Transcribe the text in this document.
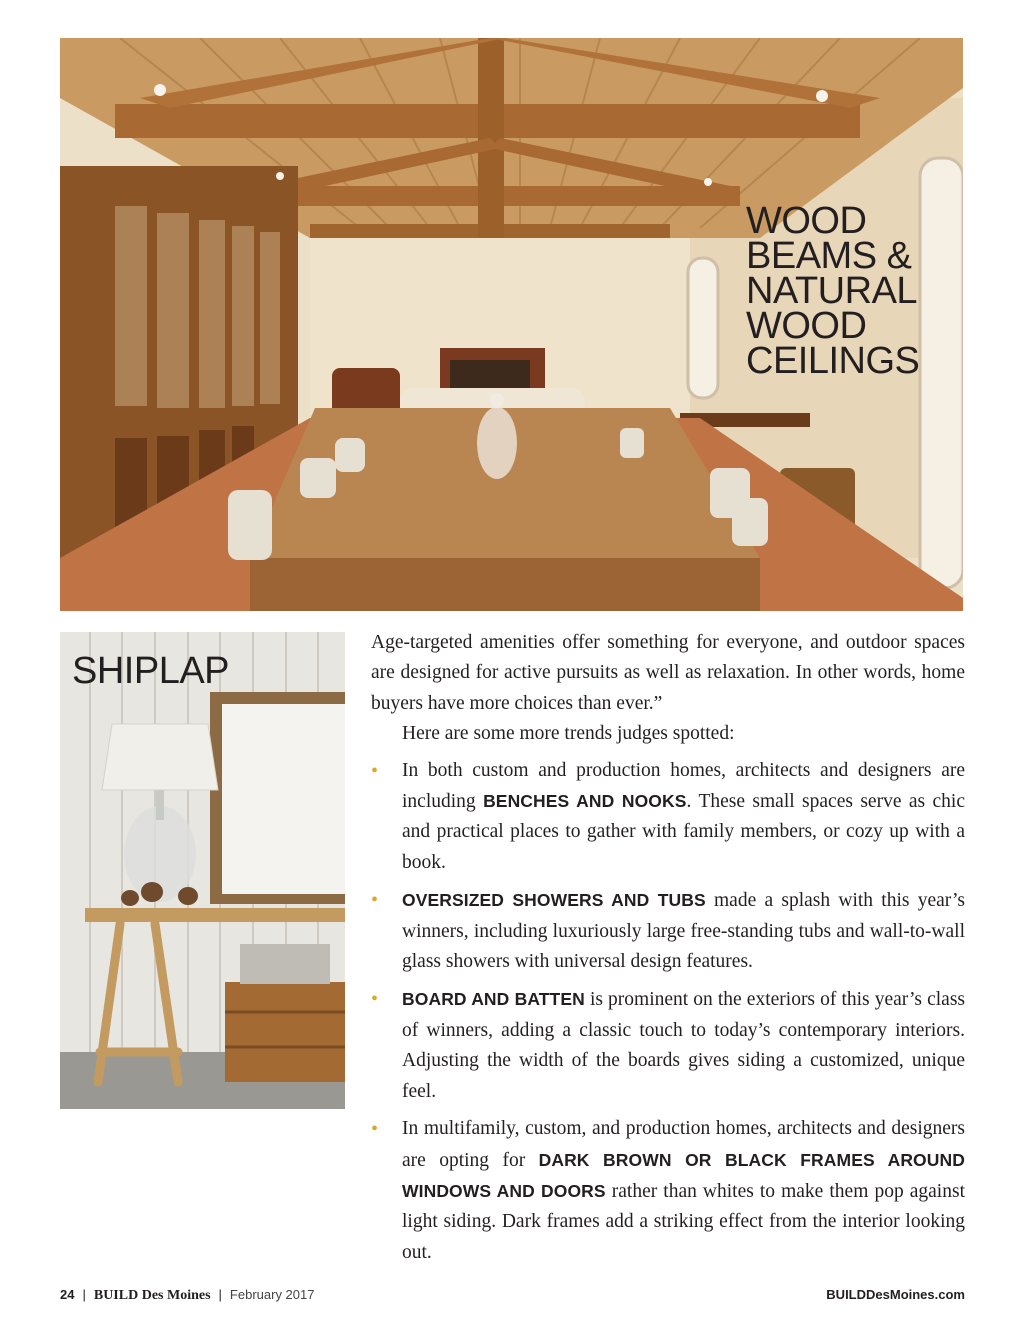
WOOD
BEAMS &
NATURAL
WOOD
CEILINGS
SHIPLAP

Age-targeted amenities offer something for everyone, and outdoor spaces are designed for active pursuits as well as relaxation. In other words, home buyers have more choices than ever.”

Here are some more trends judges spotted:

• In both custom and production homes, architects and designers are including BENCHES AND NOOKS. These small spaces serve as chic and practical places to gather with family members, or cozy up with a book.
• OVERSIZED SHOWERS AND TUBS made a splash with this year’s winners, including luxuriously large free-standing tubs and wall-to-wall glass showers with universal design features.
• BOARD AND BATTEN is prominent on the exteriors of this year’s class of winners, adding a classic touch to today’s contemporary interiors. Adjusting the width of the boards gives siding a customized, unique feel.
• In multifamily, custom, and production homes, architects and designers are opting for DARK BROWN OR BLACK FRAMES AROUND WINDOWS AND DOORS rather than whites to make them pop against light siding. Dark frames add a striking effect from the interior looking out.
24 | BUILD Des Moines | February 2017	BUILDDesMoines.com
